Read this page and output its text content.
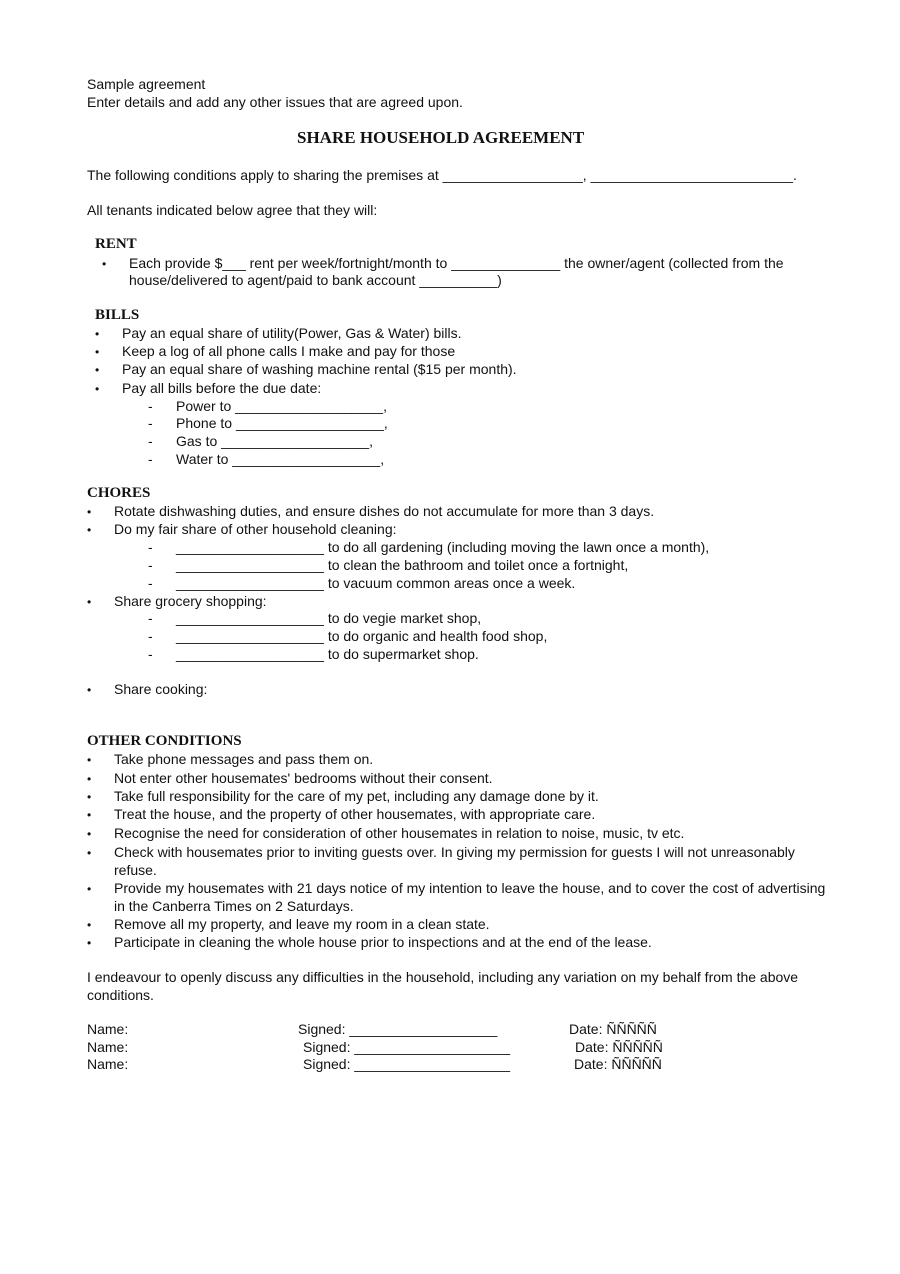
Sample agreement
Enter details and add any other issues that are agreed upon.
SHARE HOUSEHOLD AGREEMENT
The following conditions apply to sharing the premises at __________________, __________________________.
All tenants indicated below agree that they will:
RENT
• Each provide $___ rent per week/fortnight/month to ______________ the owner/agent (collected from the
house/delivered to agent/paid to bank account __________)
BILLS
• Pay an equal share of utility(Power, Gas & Water) bills.
• Keep a log of all phone calls I make and pay for those
• Pay an equal share of washing machine rental ($15 per month).
• Pay all bills before the due date:
- Power to ___________________,
- Phone to ___________________,
- Gas to ___________________,
- Water to ___________________,
CHORES
• Rotate dishwashing duties, and ensure dishes do not accumulate for more than 3 days.
• Do my fair share of other household cleaning:
- ___________________ to do all gardening (including moving the lawn once a month),
- ___________________ to clean the bathroom and toilet once a fortnight,
- ___________________ to vacuum common areas once a week.
• Share grocery shopping:
- ___________________ to do vegie market shop,
- ___________________ to do organic and health food shop,
- ___________________ to do supermarket shop.
• Share cooking:
OTHER CONDITIONS
• Take phone messages and pass them on.
• Not enter other housemates' bedrooms without their consent.
• Take full responsibility for the care of my pet, including any damage done by it.
• Treat the house, and the property of other housemates, with appropriate care.
• Recognise the need for consideration of other housemates in relation to noise, music, tv etc.
• Check with housemates prior to inviting guests over. In giving my permission for guests I will not unreasonably
refuse.
• Provide my housemates with 21 days notice of my intention to leave the house, and to cover the cost of advertising
in the Canberra Times on 2 Saturdays.
• Remove all my property, and leave my room in a clean state.
• Participate in cleaning the whole house prior to inspections and at the end of the lease.
I endeavour to openly discuss any difficulties in the household, including any variation on my behalf from the above
conditions.
Name:	Signed: ___________________	Date: ÑÑÑÑÑ
Name:	Signed: ____________________	Date: ÑÑÑÑÑ
Name:	Signed: ____________________	Date: ÑÑÑÑÑ
